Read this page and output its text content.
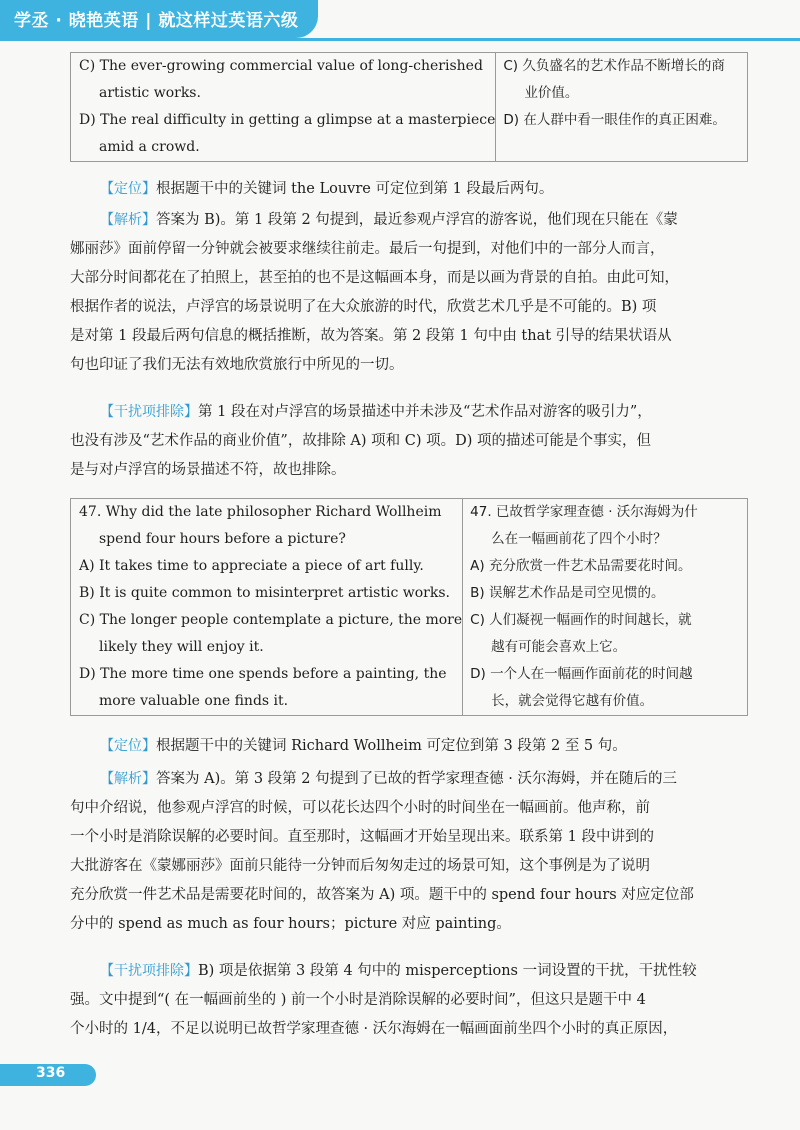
学丞 · 晓艳英语 | 就这样过英语六级
C) The ever-growing commercial value of long-cherished
artistic works.
D) The real difficulty in getting a glimpse at a masterpiece
amid a crowd.

C) 久负盛名的艺术作品不断增长的商
业价值。
D) 在人群中看一眼佳作的真正困难。
【定位】根据题干中的关键词 the Louvre 可定位到第 1 段最后两句。
【解析】答案为 B)。第 1 段第 2 句提到，最近参观卢浮宫的游客说，他们现在只能在《蒙
娜丽莎》面前停留一分钟就会被要求继续往前走。最后一句提到，对他们中的一部分人而言，
大部分时间都花在了拍照上，甚至拍的也不是这幅画本身，而是以画为背景的自拍。由此可知，
根据作者的说法，卢浮宫的场景说明了在大众旅游的时代，欣赏艺术几乎是不可能的。B) 项
是对第 1 段最后两句信息的概括推断，故为答案。第 2 段第 1 句中由 that 引导的结果状语从
句也印证了我们无法有效地欣赏旅行中所见的一切。
【干扰项排除】第 1 段在对卢浮宫的场景描述中并未涉及“艺术作品对游客的吸引力”，
也没有涉及“艺术作品的商业价值”，故排除 A) 项和 C) 项。D) 项的描述可能是个事实，但
是与对卢浮宫的场景描述不符，故也排除。
47. Why did the late philosopher Richard Wollheim
spend four hours before a picture?
A) It takes time to appreciate a piece of art fully.
B) It is quite common to misinterpret artistic works.
C) The longer people contemplate a picture, the more
likely they will enjoy it.
D) The more time one spends before a painting, the
more valuable one finds it.

47. 已故哲学家理查德 · 沃尔海姆为什
么在一幅画前花了四个小时？
A) 充分欣赏一件艺术品需要花时间。
B) 误解艺术作品是司空见惯的。
C) 人们凝视一幅画作的时间越长，就
越有可能会喜欢上它。
D) 一个人在一幅画作面前花的时间越
长，就会觉得它越有价值。
【定位】根据题干中的关键词 Richard Wollheim 可定位到第 3 段第 2 至 5 句。
【解析】答案为 A)。第 3 段第 2 句提到了已故的哲学家理查德 · 沃尔海姆，并在随后的三
句中介绍说，他参观卢浮宫的时候，可以花长达四个小时的时间坐在一幅画前。他声称，前
一个小时是消除误解的必要时间。直至那时，这幅画才开始呈现出来。联系第 1 段中讲到的
大批游客在《蒙娜丽莎》面前只能待一分钟而后匆匆走过的场景可知，这个事例是为了说明
充分欣赏一件艺术品是需要花时间的，故答案为 A) 项。题干中的 spend four hours 对应定位部
分中的 spend as much as four hours；picture 对应 painting。
【干扰项排除】B) 项是依据第 3 段第 4 句中的 misperceptions 一词设置的干扰，干扰性较
强。文中提到“( 在一幅画前坐的 ) 前一个小时是消除误解的必要时间”，但这只是题干中 4
个小时的 1/4，不足以说明已故哲学家理查德 · 沃尔海姆在一幅画面前坐四个小时的真正原因，
336
